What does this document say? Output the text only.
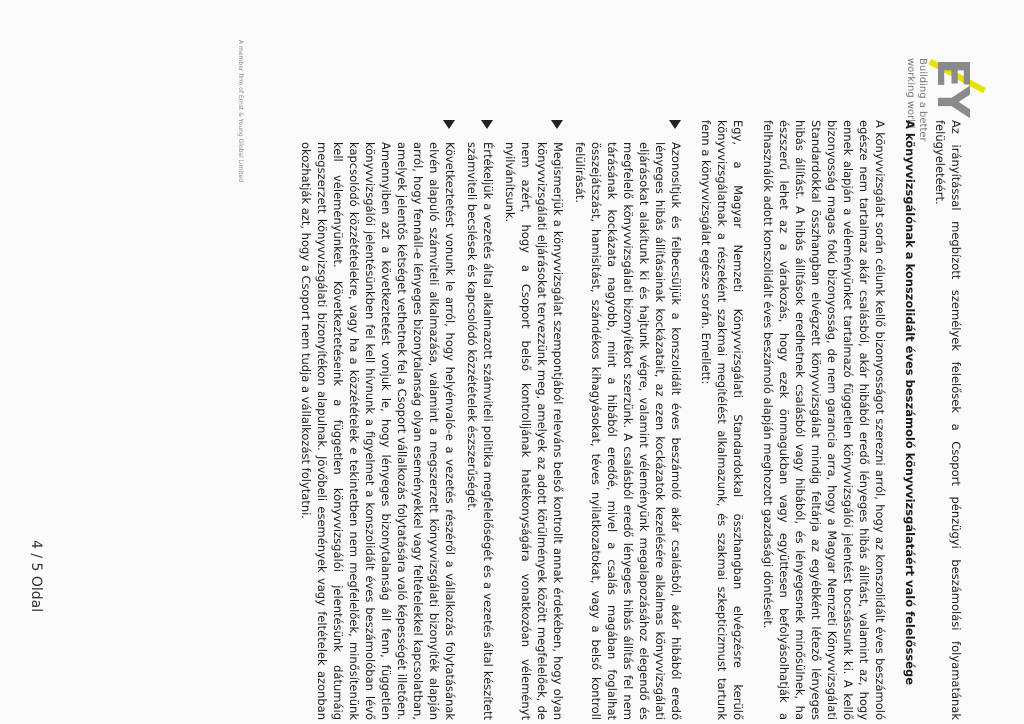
EY
Building a better
working world
A member firm of Ernst & Young Global Limited

Az irányítással megbízott személyek felelősek a Csoport pénzügyi beszámolási folyamatának felügyeletéért.

A könyvvizsgálónak a konszolidált éves beszámoló könyvvizsgálatáért való felelőssége

A könyvvizsgálat során célunk kellő bizonyosságot szerezni arról, hogy az konszolidált éves beszámoló egésze nem tartalmaz akár csalásból, akár hibából eredő lényeges hibás állítást, valamint az, hogy ennek alapján a véleményünket tartalmazó független könyvvizsgálói jelentést bocsássunk ki. A kellő bizonyosság magas fokú bizonyosság, de nem garancia arra, hogy a Magyar Nemzeti Könyvvizsgálati Standardokkal összhangban elvégzett könyvvizsgálat mindig feltárja az egyébként létező lényeges hibás állítást. A hibás állítások eredhetnek csalásból vagy hibából, és lényegesnek minősülnek, ha észszerű lehet az a várakozás, hogy ezek önmagukban vagy együttesen befolyásolhatják a felhasználók adott konszolidált éves beszámoló alapján meghozott gazdasági döntéseit.

Egy, a Magyar Nemzeti Könyvvizsgálati Standardokkal összhangban elvégzésre kerülő könyvvizsgálatnak a részeként szakmai megítélést alkalmazunk, és szakmai szkepticizmust tartunk fenn a könyvvizsgálat egésze során. Emellett:

Azonosítjuk és felbecsüljük a konszolidált éves beszámoló akár csalásból, akár hibából eredő lényeges hibás állításainak kockázatait, az ezen kockázatok kezelésére alkalmas könyvvizsgálati eljárásokat alakítunk ki és hajtunk végre, valamint véleményünk megalapozásához elegendő és megfelelő könyvvizsgálati bizonyítékot szerzünk. A csalásból eredő lényeges hibás állítás fel nem tárásának kockázata nagyobb, mint a hibából eredőé, mivel a csalás magában foglalhat összejátszást, hamisítást, szándékos kihagyásokat, téves nyilatkozatokat, vagy a belső kontroll felülírását.
Megismerjük a könyvvizsgálat szempontjából releváns belső kontrollt annak érdekében, hogy olyan könyvvizsgálati eljárásokat tervezzünk meg, amelyek az adott körülmények között megfelelőek, de nem azért, hogy a Csoport belső kontrolljának hatékonyságára vonatkozóan véleményt nyilvánítsunk.
Értékeljük a vezetés által alkalmazott számviteli politika megfelelőségét és a vezetés által készített számviteli becslések és kapcsolódó közzétételek észszerűségét.
Következtetést vonunk le arról, hogy helyénvaló-e a vezetés részéről a vállalkozás folytatásának elvén alapuló számviteli alkalmazása, valamint a megszerzett könyvvizsgálati bizonyíték alapján arról, hogy fennáll-e lényeges bizonytalanság olyan eseményekkel vagy feltételekkel kapcsolatban, amelyek jelentős kétséget vethetnek fel a Csoport vállalkozás folytatására való képességét illetően. Amennyiben azt a következtetést vonjuk le, hogy lényeges bizonytalanság áll fenn, független könyvvizsgálói jelentésünkben fel kell hívnunk a figyelmet a konszolidált éves beszámolóban lévő kapcsolódó közzétételekre, vagy ha a közzétételek e tekintetben nem megfelelőek, minősítenünk kell véleményünket. Következtetéseink a független könyvvizsgálói jelentésünk dátumáig megszerzett könyvvizsgálati bizonyítékon alapulnak. Jövőbeli események vagy feltételek azonban okozhatják azt, hogy a Csoport nem tudja a vállalkozást folytatni.
4 / 5 Oldal
